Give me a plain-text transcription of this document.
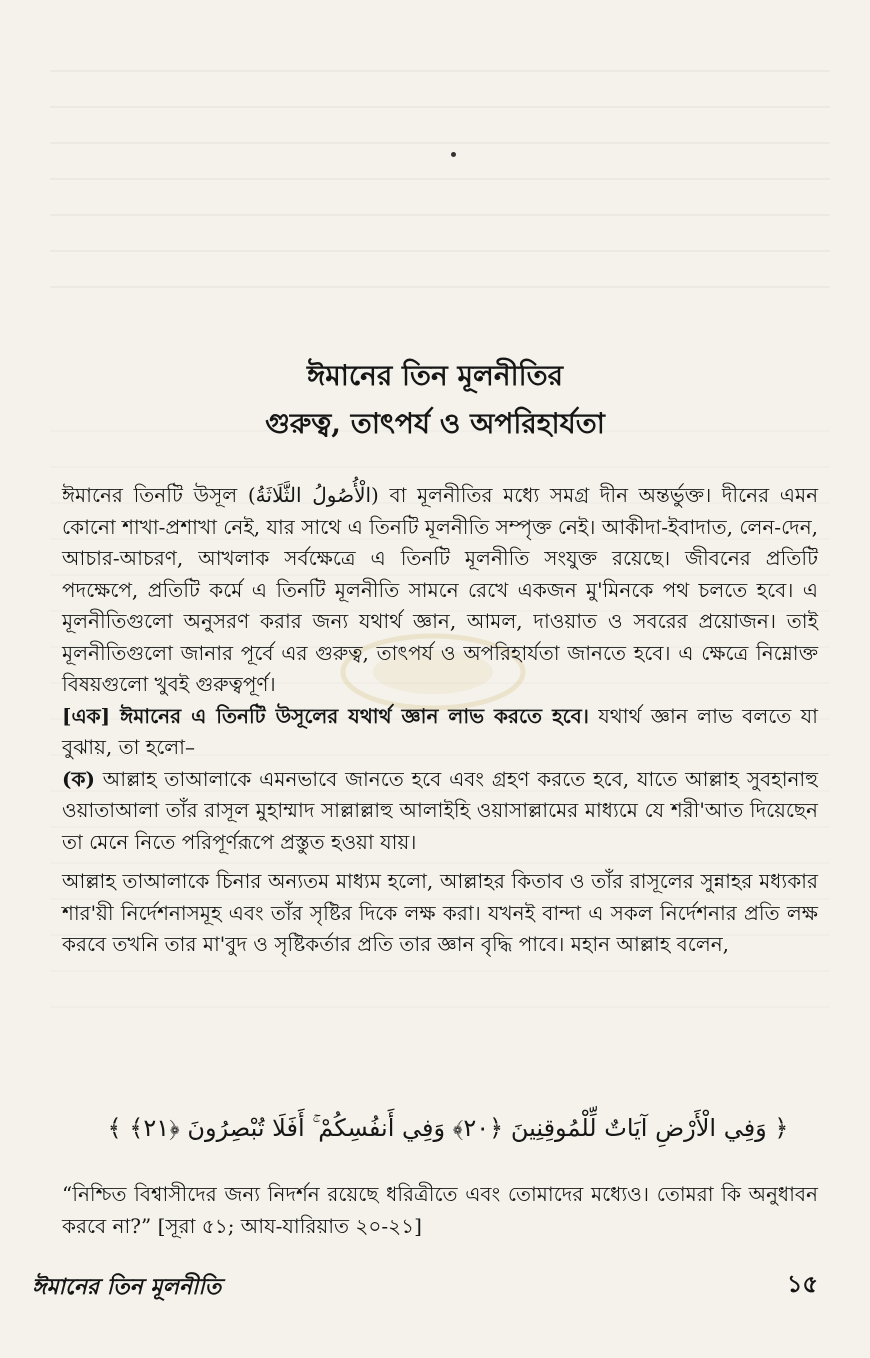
ঈমানের তিন মূলনীতির
গুরুত্ব, তাৎপর্য ও অপরিহার্যতা

ঈমানের তিনটি উসূল (الْأُصُولُ الثَّلَاثَةُ) বা মূলনীতির মধ্যে সমগ্র দীন অন্তর্ভুক্ত। দীনের এমন কোনো শাখা-প্রশাখা নেই, যার সাথে এ তিনটি মূলনীতি সম্পৃক্ত নেই। আকীদা-ইবাদাত, লেন-দেন, আচার-আচরণ, আখলাক সর্বক্ষেত্রে এ তিনটি মূলনীতি সংযুক্ত রয়েছে। জীবনের প্রতিটি পদক্ষেপে, প্রতিটি কর্মে এ তিনটি মূলনীতি সামনে রেখে একজন মু'মিনকে পথ চলতে হবে। এ মূলনীতিগুলো অনুসরণ করার জন্য যথার্থ জ্ঞান, আমল, দাওয়াত ও সবরের প্রয়োজন। তাই মূলনীতিগুলো জানার পূর্বে এর গুরুত্ব, তাৎপর্য ও অপরিহার্যতা জানতে হবে। এ ক্ষেত্রে নিম্নোক্ত বিষয়গুলো খুবই গুরুত্বপূর্ণ।

[এক] ঈমানের এ তিনটি উসূলের যথার্থ জ্ঞান লাভ করতে হবে। যথার্থ জ্ঞান লাভ বলতে যা বুঝায়, তা হলো–

(ক) আল্লাহ তাআলাকে এমনভাবে জানতে হবে এবং গ্রহণ করতে হবে, যাতে আল্লাহ সুবহানাহু ওয়াতাআলা তাঁর রাসূল মুহাম্মাদ সাল্লাল্লাহু আলাইহি ওয়াসাল্লামের মাধ্যমে যে শরী'আত দিয়েছেন তা মেনে নিতে পরিপূর্ণরূপে প্রস্তুত হওয়া যায়।

আল্লাহ তাআলাকে চিনার অন্যতম মাধ্যম হলো, আল্লাহর কিতাব ও তাঁর রাসূলের সুন্নাহর মধ্যকার শার'য়ী নির্দেশনাসমূহ এবং তাঁর সৃষ্টির দিকে লক্ষ করা। যখনই বান্দা এ সকল নির্দেশনার প্রতি লক্ষ করবে তখনি তার মা'বুদ ও সৃষ্টিকর্তার প্রতি তার জ্ঞান বৃদ্ধি পাবে। মহান আল্লাহ বলেন,

﴿ وَفِي الْأَرْضِ آيَاتٌ لِّلْمُوقِنِينَ ﴿٢٠﴾ وَفِي أَنفُسِكُمْ ۚ أَفَلَا تُبْصِرُونَ ﴿٢١﴾ ﴾
“নিশ্চিত বিশ্বাসীদের জন্য নিদর্শন রয়েছে ধরিত্রীতে এবং তোমাদের মধ্যেও। তোমরা কি অনুধাবন করবে না?” [সূরা ৫১; আয-যারিয়াত ২০-২১]
ঈমানের তিন মূলনীতি	১৫
